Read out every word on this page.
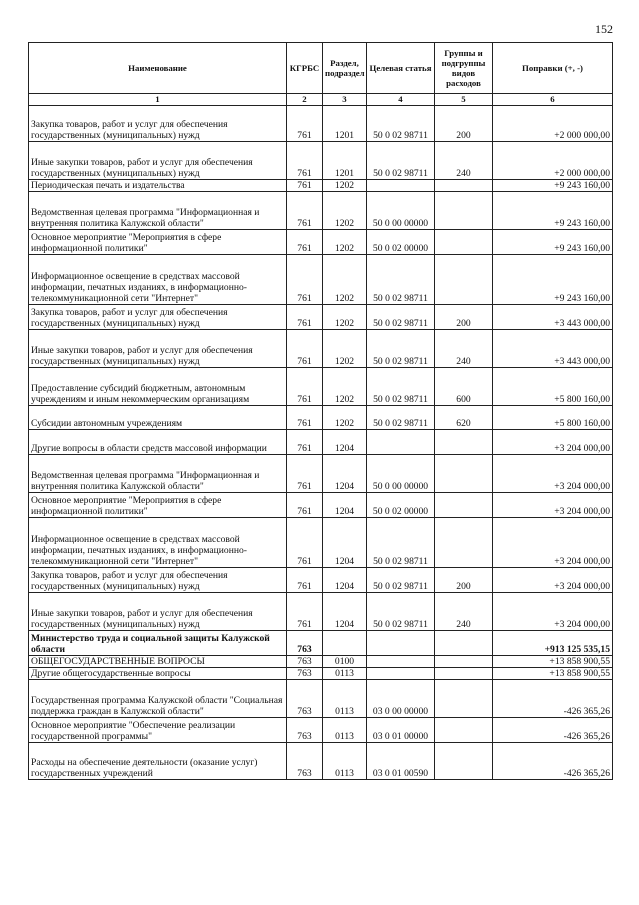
152
Наименование	КГРБС	Раздел, подраздел	Целевая статья	Группы и подгруппы видов расходов	Поправки (+, -)
1	2	3	4	5	6
Закупка товаров, работ и услуг для обеспечения государственных (муниципальных) нужд	761	1201	50 0 02 98711	200	+2 000 000,00
Иные закупки товаров, работ и услуг для обеспечения государственных (муниципальных) нужд	761	1201	50 0 02 98711	240	+2 000 000,00
Периодическая печать и издательства	761	1202			+9 243 160,00
Ведомственная целевая программа "Информационная и внутренняя политика Калужской области"	761	1202	50 0 00 00000		+9 243 160,00
Основное мероприятие "Мероприятия в сфере информационной политики"	761	1202	50 0 02 00000		+9 243 160,00
Информационное освещение в средствах массовой информации, печатных изданиях, в информационно-телекоммуникационной сети "Интернет"	761	1202	50 0 02 98711		+9 243 160,00
Закупка товаров, работ и услуг для обеспечения государственных (муниципальных) нужд	761	1202	50 0 02 98711	200	+3 443 000,00
Иные закупки товаров, работ и услуг для обеспечения государственных (муниципальных) нужд	761	1202	50 0 02 98711	240	+3 443 000,00
Предоставление субсидий бюджетным, автономным учреждениям и иным некоммерческим организациям	761	1202	50 0 02 98711	600	+5 800 160,00
Субсидии автономным учреждениям	761	1202	50 0 02 98711	620	+5 800 160,00
Другие вопросы в области средств массовой информации	761	1204			+3 204 000,00
Ведомственная целевая программа "Информационная и внутренняя политика Калужской области"	761	1204	50 0 00 00000		+3 204 000,00
Основное мероприятие "Мероприятия в сфере информационной политики"	761	1204	50 0 02 00000		+3 204 000,00
Информационное освещение в средствах массовой информации, печатных изданиях, в информационно-телекоммуникационной сети "Интернет"	761	1204	50 0 02 98711		+3 204 000,00
Закупка товаров, работ и услуг для обеспечения государственных (муниципальных) нужд	761	1204	50 0 02 98711	200	+3 204 000,00
Иные закупки товаров, работ и услуг для обеспечения государственных (муниципальных) нужд	761	1204	50 0 02 98711	240	+3 204 000,00
Министерство труда и социальной защиты Калужской области	763				+913 125 535,15
ОБЩЕГОСУДАРСТВЕННЫЕ ВОПРОСЫ	763	0100			+13 858 900,55
Другие общегосударственные вопросы	763	0113			+13 858 900,55
Государственная программа Калужской области "Социальная поддержка граждан в Калужской области"	763	0113	03 0 00 00000		-426 365,26
Основное мероприятие "Обеспечение реализации государственной программы"	763	0113	03 0 01 00000		-426 365,26
Расходы на обеспечение деятельности (оказание услуг) государственных учреждений	763	0113	03 0 01 00590		-426 365,26
